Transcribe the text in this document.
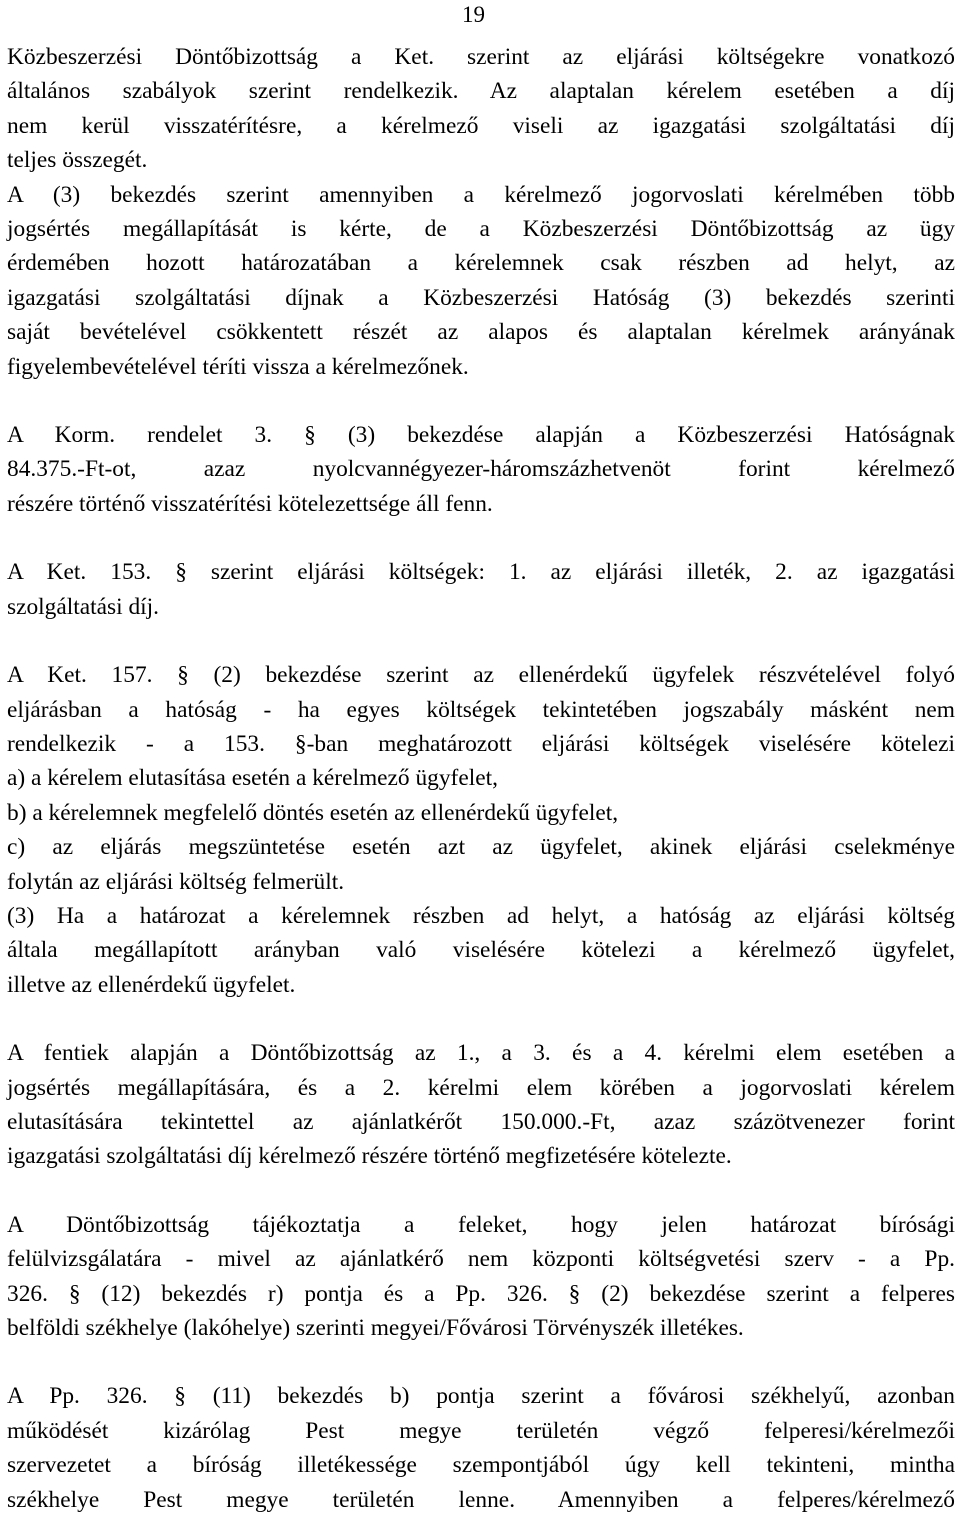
19
Közbeszerzési Döntőbizottság a Ket. szerint az eljárási költségekre vonatkozó
általános szabályok szerint rendelkezik. Az alaptalan kérelem esetében a díj
nem kerül visszatérítésre, a kérelmező viseli az igazgatási szolgáltatási díj
teljes összegét.
A (3) bekezdés szerint amennyiben a kérelmező jogorvoslati kérelmében több
jogsértés megállapítását is kérte, de a Közbeszerzési Döntőbizottság az ügy
érdemében hozott határozatában a kérelemnek csak részben ad helyt, az
igazgatási szolgáltatási díjnak a Közbeszerzési Hatóság (3) bekezdés szerinti
saját bevételével csökkentett részét az alapos és alaptalan kérelmek arányának
figyelembevételével téríti vissza a kérelmezőnek.
A Korm. rendelet 3. § (3) bekezdése alapján a Közbeszerzési Hatóságnak
84.375.-Ft-ot, azaz nyolcvannégyezer-háromszázhetvenöt forint kérelmező
részére történő visszatérítési kötelezettsége áll fenn.
A Ket. 153. § szerint eljárási költségek: 1. az eljárási illeték, 2. az igazgatási
szolgáltatási díj.
A Ket. 157. § (2) bekezdése szerint az ellenérdekű ügyfelek részvételével folyó
eljárásban a hatóság - ha egyes költségek tekintetében jogszabály másként nem
rendelkezik - a 153. §-ban meghatározott eljárási költségek viselésére kötelezi
a) a kérelem elutasítása esetén a kérelmező ügyfelet,
b) a kérelemnek megfelelő döntés esetén az ellenérdekű ügyfelet,
c) az eljárás megszüntetése esetén azt az ügyfelet, akinek eljárási cselekménye
folytán az eljárási költség felmerült.
(3) Ha a határozat a kérelemnek részben ad helyt, a hatóság az eljárási költség
általa megállapított arányban való viselésére kötelezi a kérelmező ügyfelet,
illetve az ellenérdekű ügyfelet.
A fentiek alapján a Döntőbizottság az 1., a 3. és a 4. kérelmi elem esetében a
jogsértés megállapítására, és a 2. kérelmi elem körében a jogorvoslati kérelem
elutasítására tekintettel az ajánlatkérőt 150.000.-Ft, azaz százötvenezer forint
igazgatási szolgáltatási díj kérelmező részére történő megfizetésére kötelezte.
A Döntőbizottság tájékoztatja a feleket, hogy jelen határozat bírósági
felülvizsgálatára - mivel az ajánlatkérő nem központi költségvetési szerv - a Pp.
326. § (12) bekezdés r) pontja és a Pp. 326. § (2) bekezdése szerint a felperes
belföldi székhelye (lakóhelye) szerinti megyei/Fővárosi Törvényszék illetékes.
A Pp. 326. § (11) bekezdés b) pontja szerint a fővárosi székhelyű, azonban
működését kizárólag Pest megye területén végző felperesi/kérelmezői
szervezetet a bíróság illetékessége szempontjából úgy kell tekinteni, mintha
székhelye Pest megye területén lenne. Amennyiben a felperes/kérelmező
